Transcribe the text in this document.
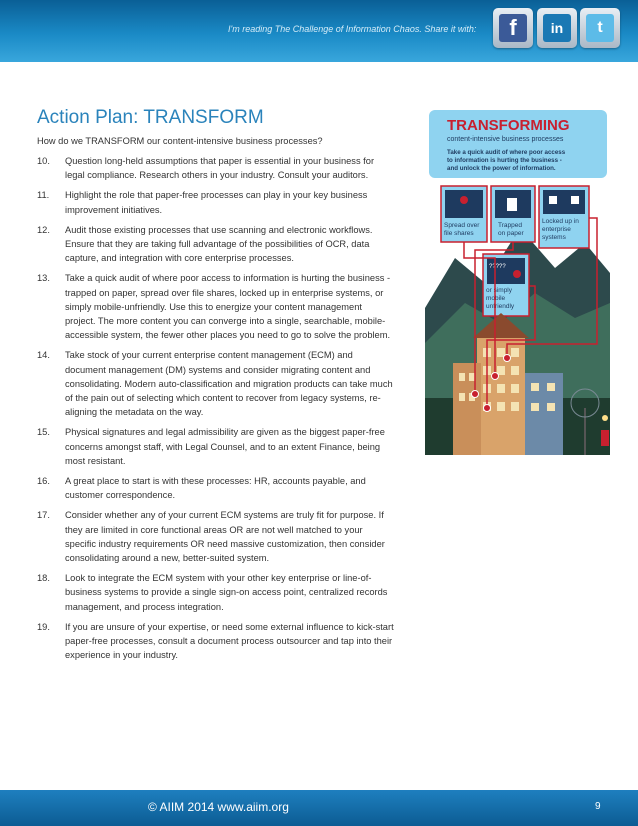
I'm reading The Challenge of Information Chaos. Share it with:	f	in	t
Action Plan: TRANSFORM
How do we TRANSFORM our content-intensive business processes?
10.	Question long-held assumptions that paper is essential in your business for legal compliance. Research others in your industry. Consult your auditors.
11.	Highlight the role that paper-free processes can play in your key business improvement initiatives.
12.	Audit those existing processes that use scanning and electronic workflows. Ensure that they are taking full advantage of the possibilities of OCR, data capture, and integration with core enterprise processes.
13.	Take a quick audit of where poor access to information is hurting the business - trapped on paper, spread over file shares, locked up in enterprise systems, or simply mobile-unfriendly. Use this to energize your content management project. The more content you can converge into a single, searchable, mobile-accessible system, the fewer other places you need to go to solve the problem.
14.	Take stock of your current enterprise content management (ECM) and document management (DM) systems and consider migrating content and consolidating. Modern auto-classification and migration products can take much of the pain out of selecting which content to recover from legacy systems, re-aligning the metadata on the way.
15.	Physical signatures and legal admissibility are given as the biggest paper-free concerns amongst staff, with Legal Counsel, and to an extent Finance, being most resistant.
16.	A great place to start is with these processes: HR, accounts payable, and customer correspondence.
17.	Consider whether any of your current ECM systems are truly fit for purpose. If they are limited in core functional areas OR are not well matched to your specific industry requirements OR need massive customization, then consider consolidating around a new, better-suited system.
18.	Look to integrate the ECM system with your other key enterprise or line-of-business systems to provide a single sign-on access point, centralized records management, and process integration.
19.	If you are unsure of your expertise, or need some external influence to kick-start paper-free processes, consult a document process outsourcer and tap into their experience in your industry.
TRANSFORMING
content-intensive business processes
Take a quick audit of where poor access
to information is hurting the business -
and unlock the power of information.
Spread over
file shares
Trapped
on paper
Locked up in
enterprise
systems
?????
or simply
mobile
unfriendly
© AIIM 2014 www.aiim.org	9
